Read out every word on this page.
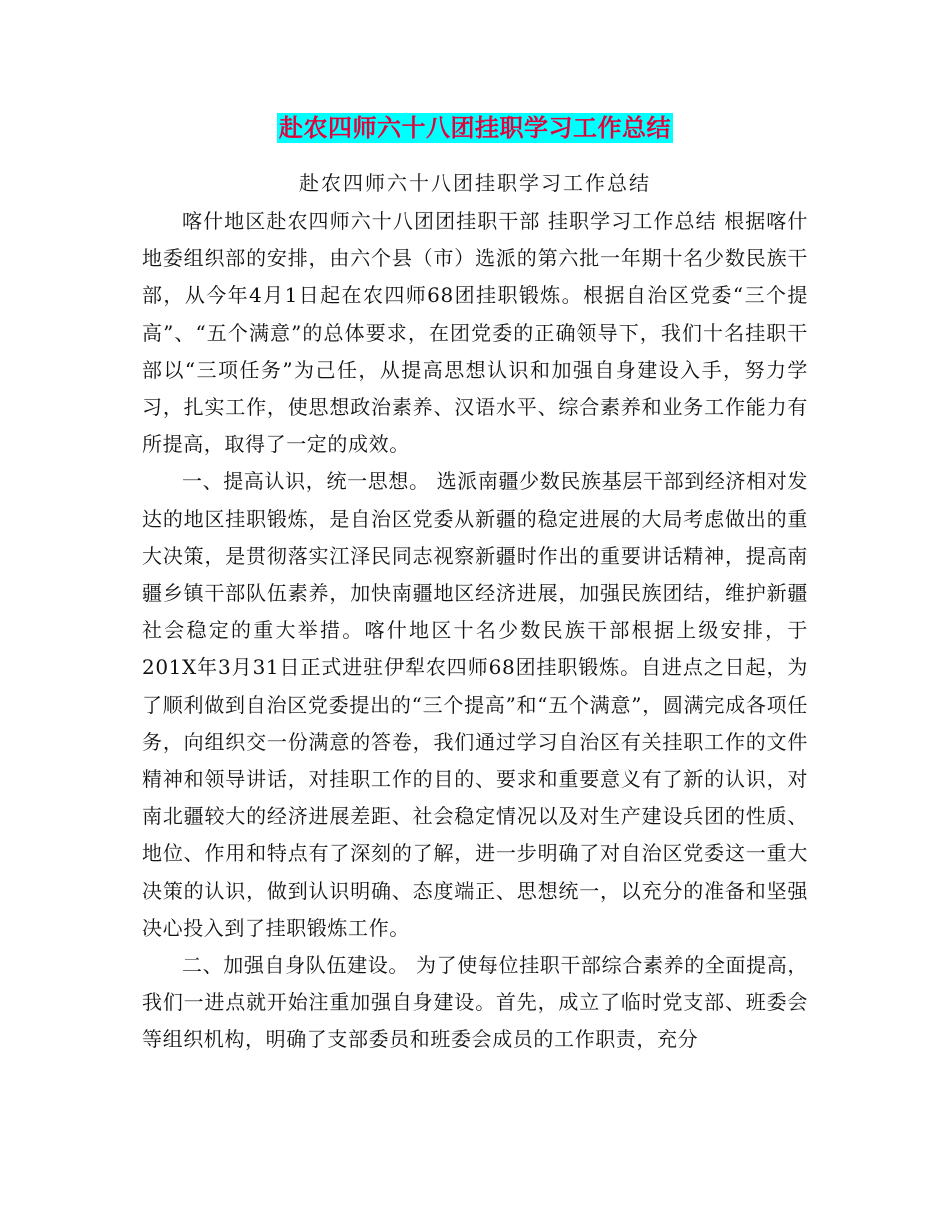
赴农四师六十八团挂职学习工作总结
赴农四师六十八团挂职学习工作总结

喀什地区赴农四师六十八团团挂职干部 挂职学习工作总结 根据喀什地委组织部的安排，由六个县（市）选派的第六批一年期十名少数民族干部，从今年4月1日起在农四师68团挂职锻炼。根据自治区党委“三个提高”、“五个满意”的总体要求，在团党委的正确领导下，我们十名挂职干部以“三项任务”为己任，从提高思想认识和加强自身建设入手，努力学习，扎实工作，使思想政治素养、汉语水平、综合素养和业务工作能力有所提高，取得了一定的成效。

一、提高认识，统一思想。 选派南疆少数民族基层干部到经济相对发达的地区挂职锻炼，是自治区党委从新疆的稳定进展的大局考虑做出的重大决策，是贯彻落实江泽民同志视察新疆时作出的重要讲话精神，提高南疆乡镇干部队伍素养，加快南疆地区经济进展，加强民族团结，维护新疆社会稳定的重大举措。喀什地区十名少数民族干部根据上级安排，于201X年3月31日正式进驻伊犁农四师68团挂职锻炼。自进点之日起，为了顺利做到自治区党委提出的“三个提高”和“五个满意”，圆满完成各项任务，向组织交一份满意的答卷，我们通过学习自治区有关挂职工作的文件精神和领导讲话，对挂职工作的目的、要求和重要意义有了新的认识，对南北疆较大的经济进展差距、社会稳定情况以及对生产建设兵团的性质、地位、作用和特点有了深刻的了解，进一步明确了对自治区党委这一重大决策的认识，做到认识明确、态度端正、思想统一，以充分的准备和坚强决心投入到了挂职锻炼工作。

二、加强自身队伍建设。 为了使每位挂职干部综合素养的全面提高，我们一进点就开始注重加强自身建设。首先，成立了临时党支部、班委会等组织机构，明确了支部委员和班委会成员的工作职责，充分
